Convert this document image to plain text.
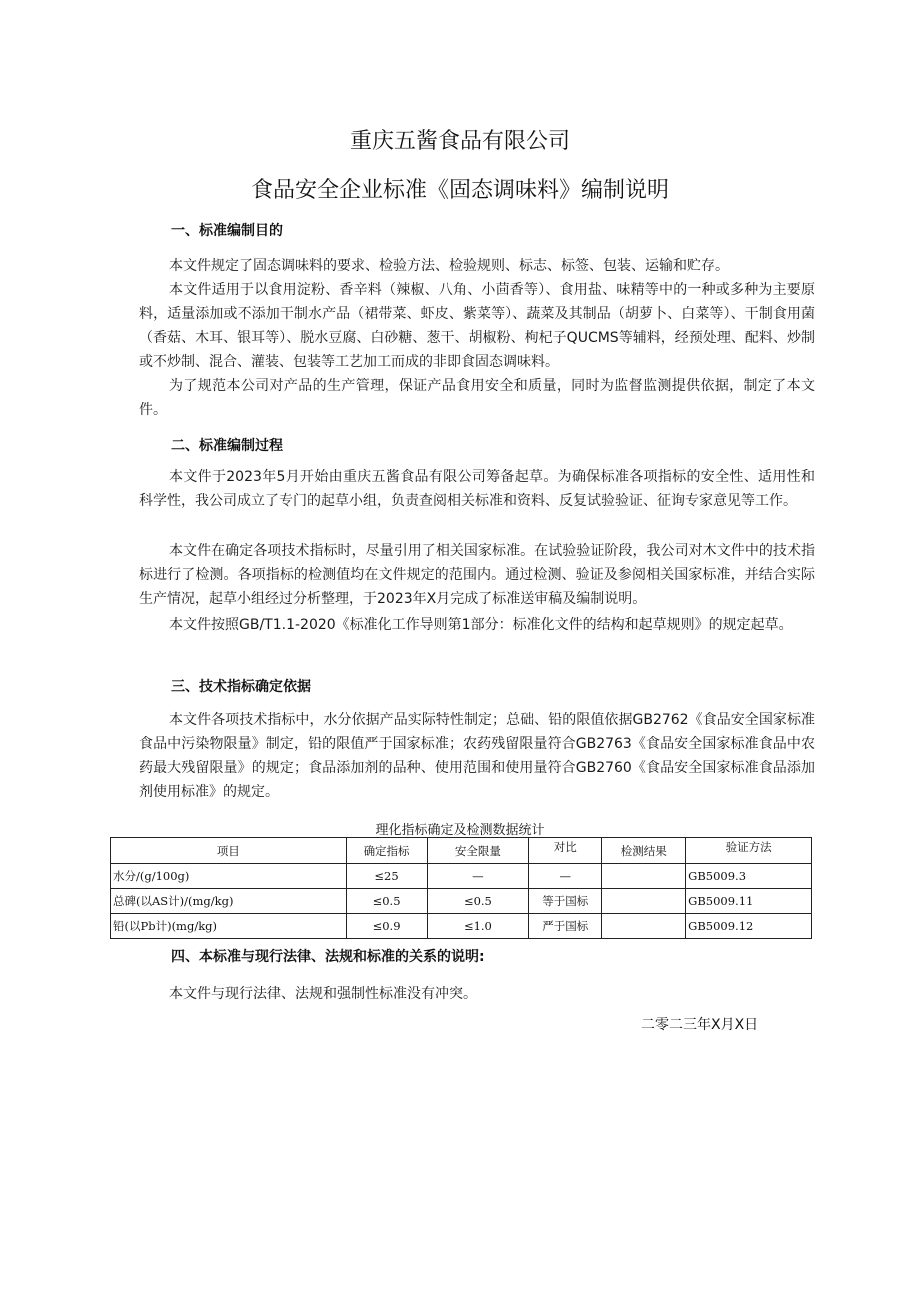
重庆五酱食品有限公司
食品安全企业标准《固态调味料》编制说明
一、标准编制目的
本文件规定了固态调味料的要求、检验方法、检验规则、标志、标签、包装、运输和贮存。
本文件适用于以食用淀粉、香辛料（辣椒、八角、小茴香等）、食用盐、味精等中的一种或多种为主要原料，适量添加或不添加干制水产品（裙带菜、虾皮、紫菜等）、蔬菜及其制品（胡萝卜、白菜等）、干制食用菌（香菇、木耳、银耳等）、脱水豆腐、白砂糖、葱干、胡椒粉、枸杞子QUCMS等辅料，经预处理、配料、炒制或不炒制、混合、灌装、包装等工艺加工而成的非即食固态调味料。
为了规范本公司对产品的生产管理，保证产品食用安全和质量，同时为监督监测提供依据，制定了本文件。
二、标准编制过程
本文件于2023年5月开始由重庆五酱食品有限公司筹备起草。为确保标准各项指标的安全性、适用性和科学性，我公司成立了专门的起草小组，负责查阅相关标准和资料、反复试验验证、征询专家意见等工作。
本文件在确定各项技术指标时，尽量引用了相关国家标准。在试验验证阶段，我公司对木文件中的技术指标进行了检测。各项指标的检测值均在文件规定的范围内。通过检测、验证及参阅相关国家标准，并结合实际生产情况，起草小组经过分析整理，于2023年X月完成了标准送审稿及编制说明。
本文件按照GB/T1.1-2020《标准化工作导则第1部分：标准化文件的结构和起草规则》的规定起草。
三、技术指标确定依据
本文件各项技术指标中，水分依据产品实际特性制定；总础、铅的限值依据GB2762《食品安全国家标准食品中污染物限量》制定，铅的限值严于国家标准；农药残留限量符合GB2763《食品安全国家标准食品中农药最大残留限量》的规定；食品添加剂的品种、使用范围和使用量符合GB2760《食品安全国家标准食品添加剂使用标准》的规定。
理化指标确定及检测数据统计
项目	确定指标	安全限量	对比	检测结果	验证方法
水分/(g/100g)	≤25	—	—		GB5009.3
总碑(以AS计)/(mg/kg)	≤0.5	≤0.5	等于国标		GB5009.11
铅(以Pb计)(mg/kg)	≤0.9	≤1.0	严于国标		GB5009.12
四、本标准与现行法律、法规和标准的关系的说明:
本文件与现行法律、法规和强制性标准没有冲突。
二零二三年X月X日
